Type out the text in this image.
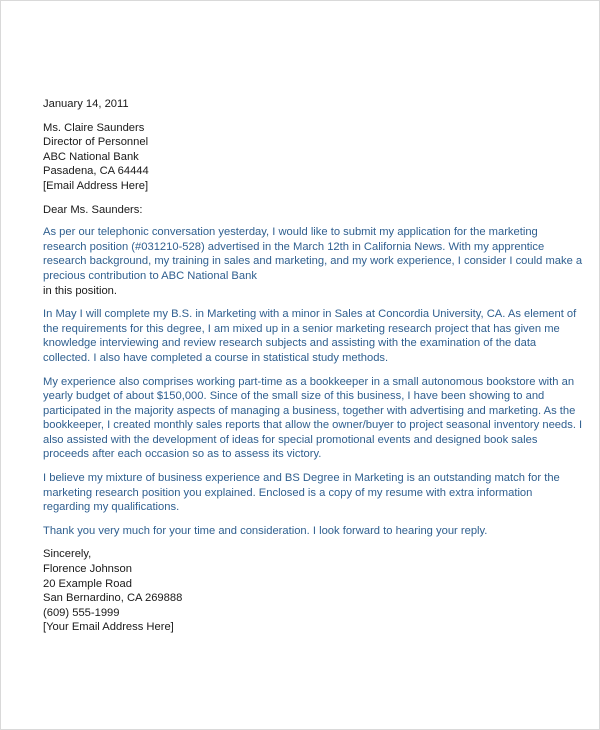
January 14, 2011
Ms. Claire Saunders
Director of Personnel
ABC National Bank
Pasadena, CA 64444
[Email Address Here]
Dear Ms. Saunders:
As per our telephonic conversation yesterday, I would like to submit my application for the marketing
research position (#031210-528) advertised in the March 12th in California News. With my apprentice
research background, my training in sales and marketing, and my work experience, I consider I could make a
precious contribution to ABC National Bank
in this position.
In May I will complete my B.S. in Marketing with a minor in Sales at Concordia University, CA. As element of
the requirements for this degree, I am mixed up in a senior marketing research project that has given me
knowledge interviewing and review research subjects and assisting with the examination of the data
collected. I also have completed a course in statistical study methods.
My experience also comprises working part-time as a bookkeeper in a small autonomous bookstore with an
yearly budget of about $150,000. Since of the small size of this business, I have been showing to and
participated in the majority aspects of managing a business, together with advertising and marketing. As the
bookkeeper, I created monthly sales reports that allow the owner/buyer to project seasonal inventory needs. I
also assisted with the development of ideas for special promotional events and designed book sales
proceeds after each occasion so as to assess its victory.
I believe my mixture of business experience and BS Degree in Marketing is an outstanding match for the
marketing research position you explained. Enclosed is a copy of my resume with extra information
regarding my qualifications.
Thank you very much for your time and consideration. I look forward to hearing your reply.
Sincerely,
Florence Johnson
20 Example Road
San Bernardino, CA 269888
(609) 555-1999
[Your Email Address Here]
